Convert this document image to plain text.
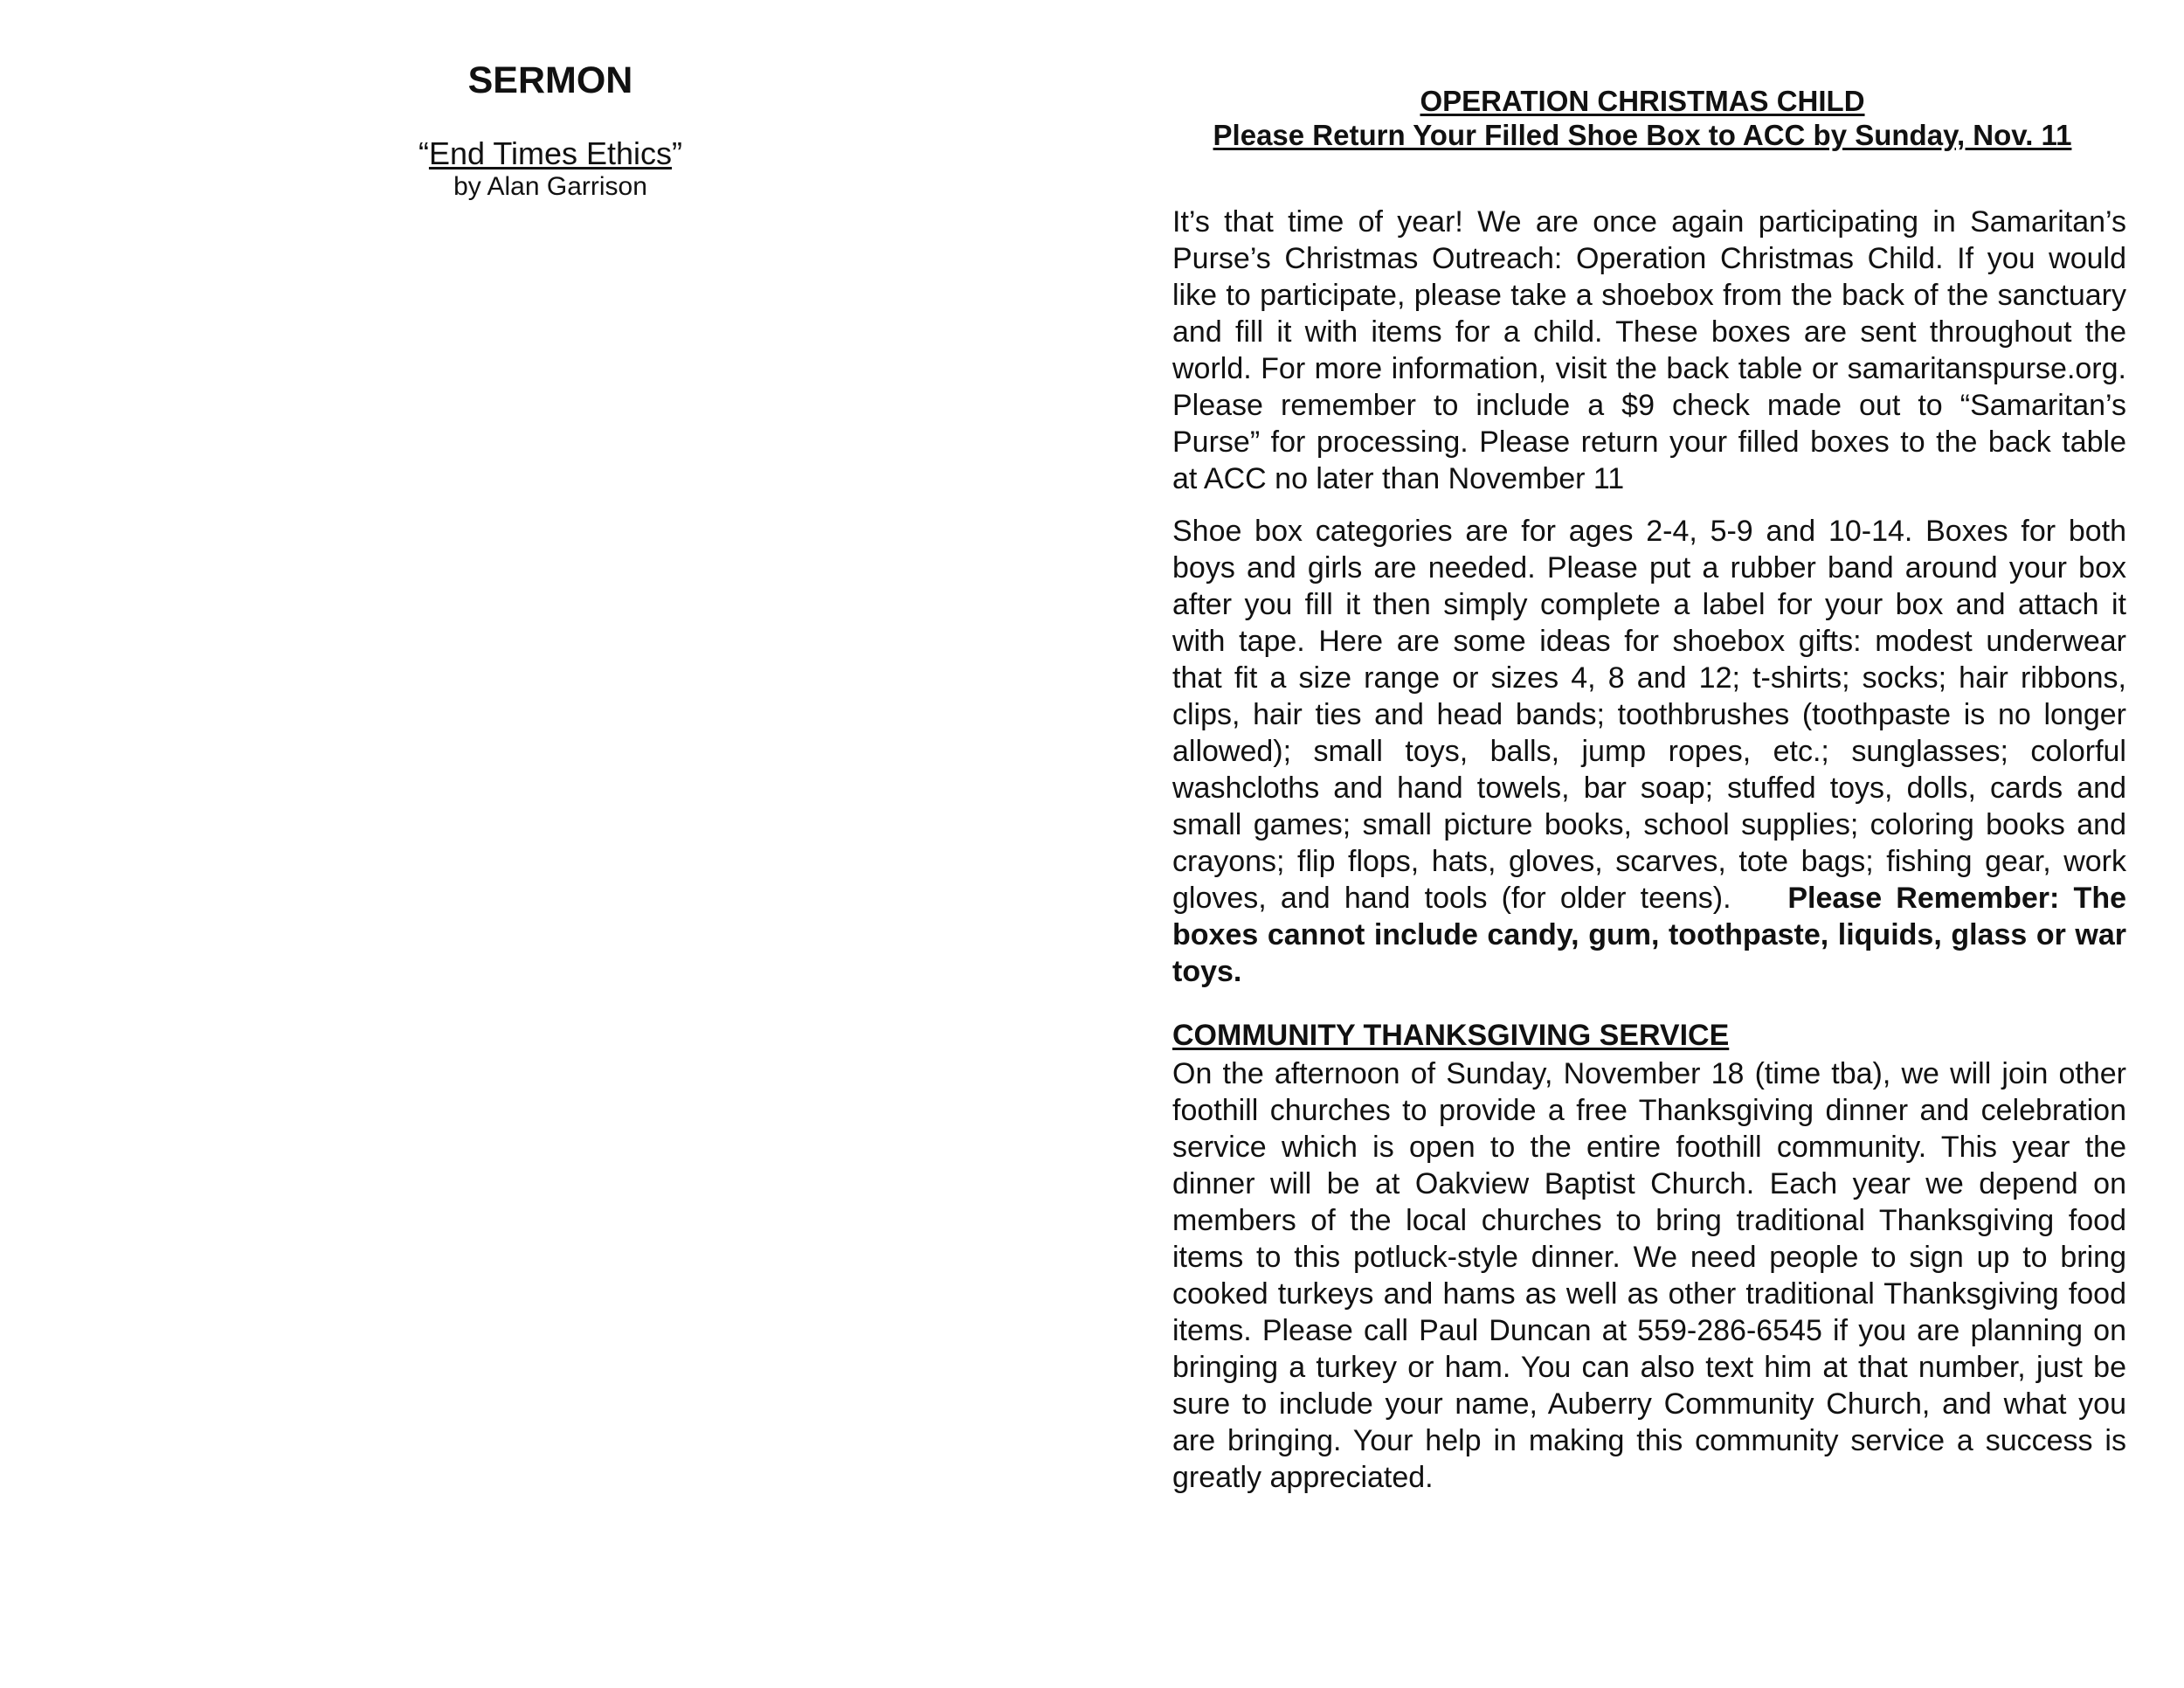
SERMON
“End Times Ethics”
by Alan Garrison
OPERATION CHRISTMAS CHILD
Please Return Your Filled Shoe Box to ACC by Sunday, Nov. 11

It’s that time of year! We are once again participating in Samaritan’s Purse’s Christmas Outreach: Operation Christmas Child. If you would like to participate, please take a shoebox from the back of the sanctuary and fill it with items for a child. These boxes are sent throughout the world. For more information, visit the back table or samaritanspurse.org. Please remember to include a $9 check made out to “Samaritan’s Purse” for processing. Please return your filled boxes to the back table at ACC no later than November 11

Shoe box categories are for ages 2-4, 5-9 and 10-14. Boxes for both boys and girls are needed. Please put a rubber band around your box after you fill it then simply complete a label for your box and attach it with tape. Here are some ideas for shoebox gifts: modest underwear that fit a size range or sizes 4, 8 and 12; t-shirts; socks; hair ribbons, clips, hair ties and head bands; toothbrushes (toothpaste is no longer allowed); small toys, balls, jump ropes, etc.; sunglasses; colorful washcloths and hand towels, bar soap; stuffed toys, dolls, cards and small games; small picture books, school supplies; coloring books and crayons; flip flops, hats, gloves, scarves, tote bags; fishing gear, work gloves, and hand tools (for older teens). Please Remember: The boxes cannot include candy, gum, toothpaste, liquids, glass or war toys.

COMMUNITY THANKSGIVING SERVICE

On the afternoon of Sunday, November 18 (time tba), we will join other foothill churches to provide a free Thanksgiving dinner and celebration service which is open to the entire foothill community. This year the dinner will be at Oakview Baptist Church. Each year we depend on members of the local churches to bring traditional Thanksgiving food items to this potluck-style dinner. We need people to sign up to bring cooked turkeys and hams as well as other traditional Thanksgiving food items. Please call Paul Duncan at 559-286-6545 if you are planning on bringing a turkey or ham. You can also text him at that number, just be sure to include your name, Auberry Community Church, and what you are bringing. Your help in making this community service a success is greatly appreciated.
